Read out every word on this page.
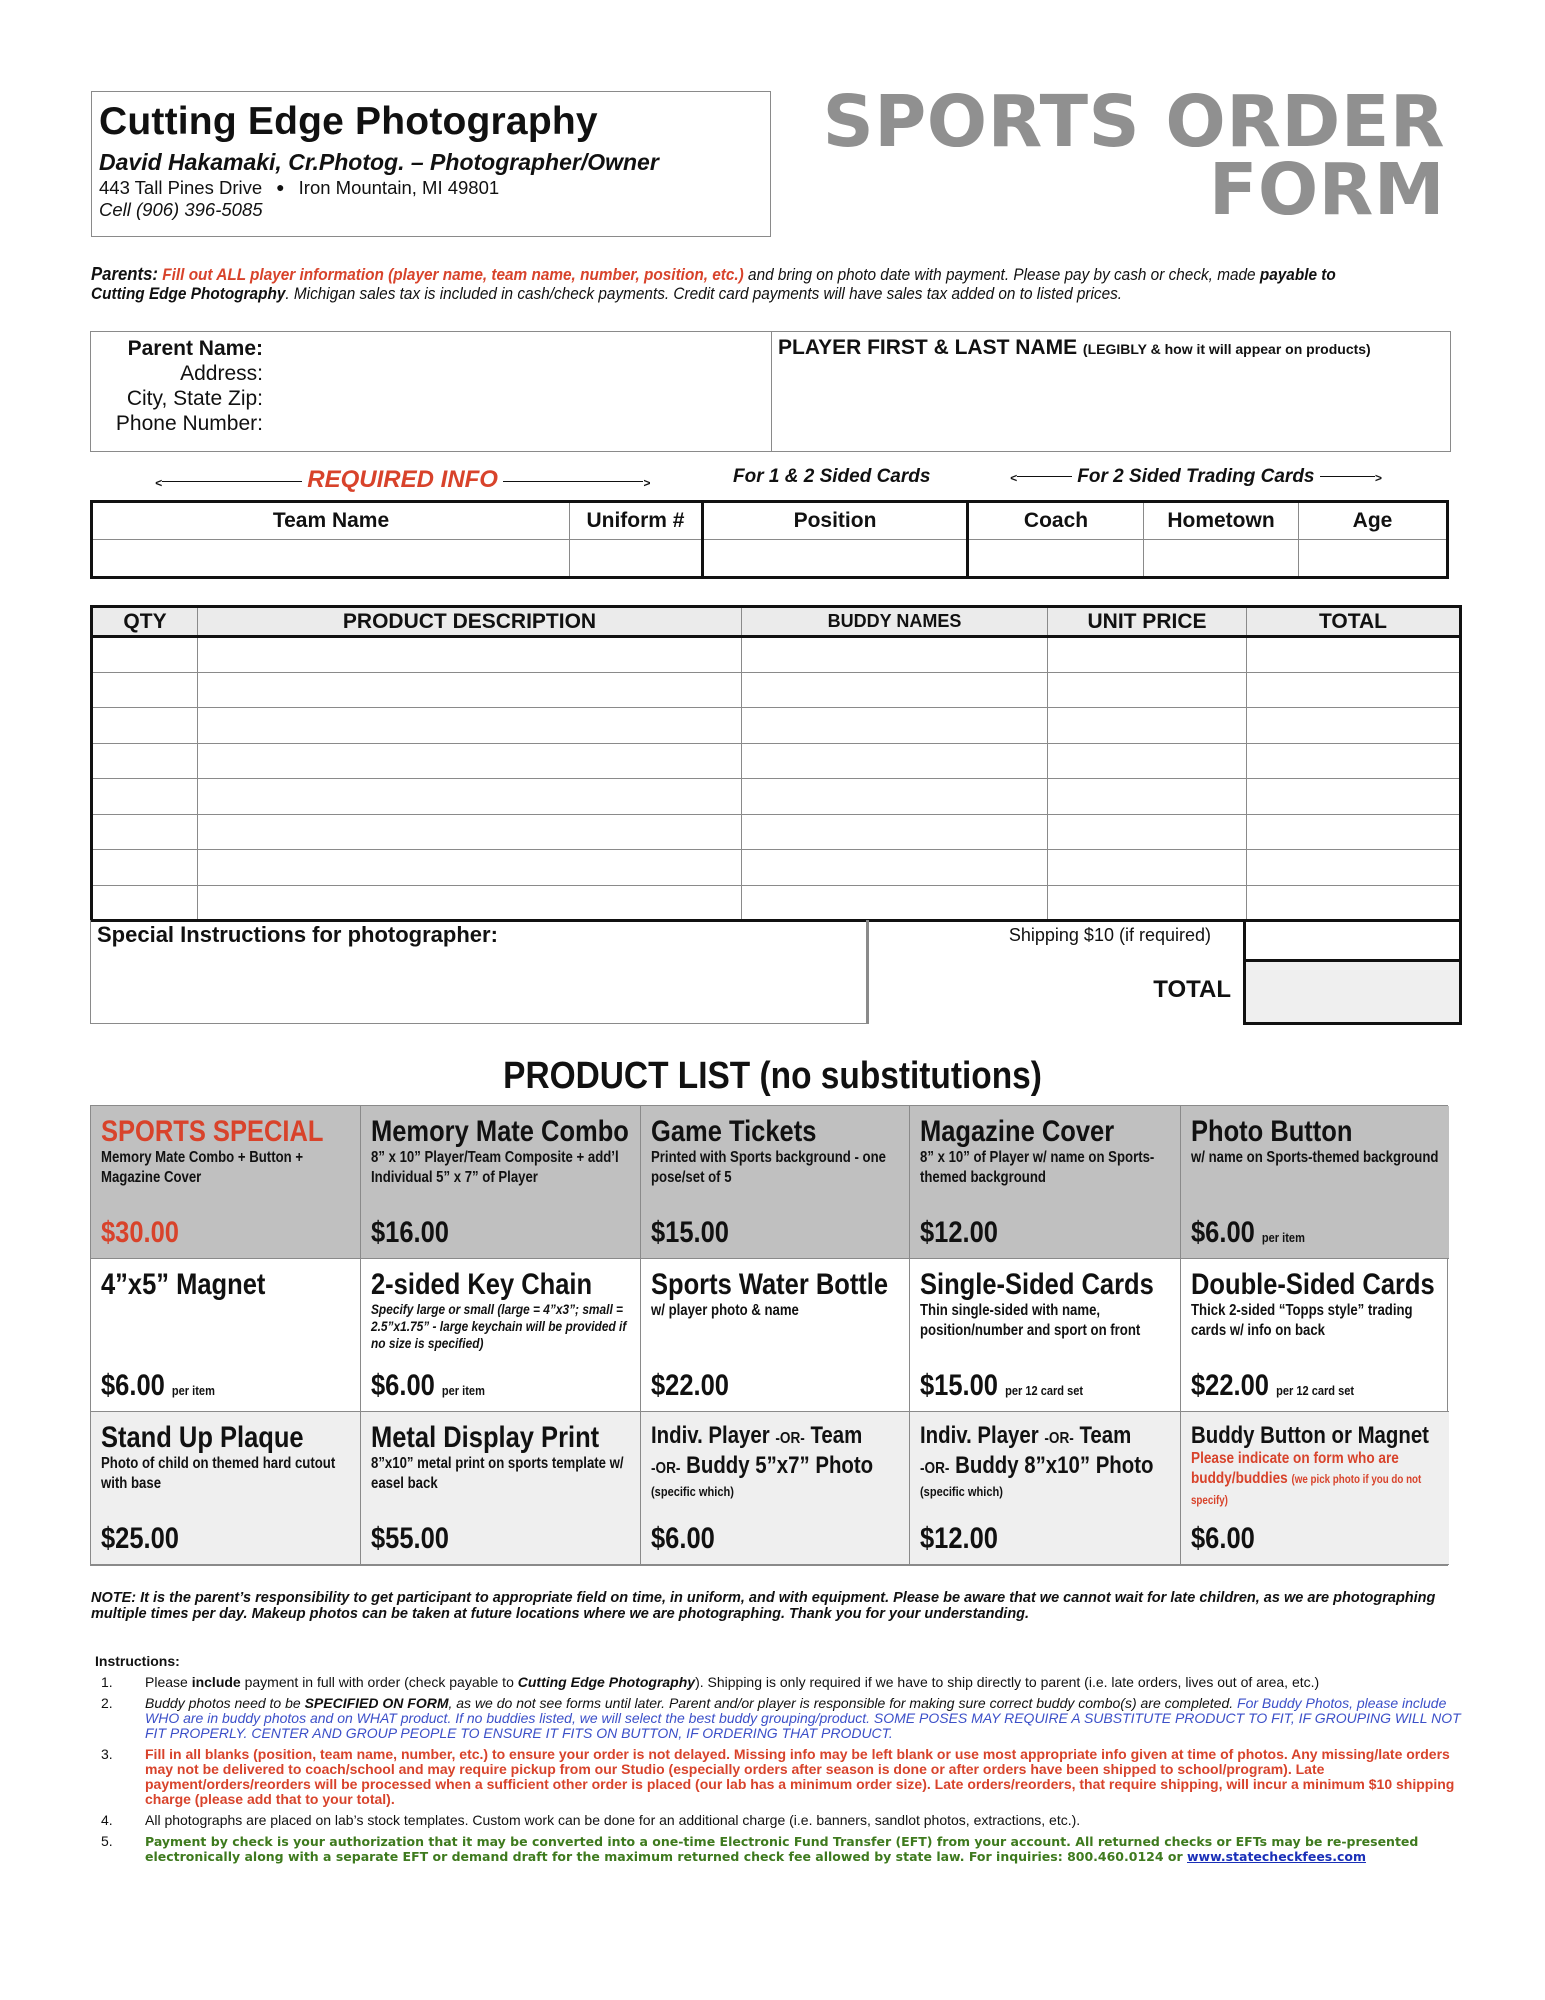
Cutting Edge Photography
David Hakamaki, Cr.Photog. – Photographer/Owner
443 Tall Pines Drive ● Iron Mountain, MI 49801
Cell (906) 396-5085
SPORTS ORDER
FORM
Parents: Fill out ALL player information (player name, team name, number, position, etc.) and bring on photo date with payment. Please pay by cash or check, made payable to Cutting Edge Photography. Michigan sales tax is included in cash/check payments. Credit card payments will have sales tax added on to listed prices.
Parent Name:
Address:
City, State Zip:
Phone Number:
PLAYER FIRST & LAST NAME (LEGIBLY & how it will appear on products)
<	REQUIRED INFO	>	For 1 & 2 Sided Cards	<	For 2 Sided Trading Cards	>
Team Name	Uniform #	Position	Coach	Hometown	Age

QTY	PRODUCT DESCRIPTION	BUDDY NAMES	UNIT PRICE	TOTAL

Special Instructions for photographer:	Shipping $10 (if required)
TOTAL
PRODUCT LIST (no substitutions)
SPORTS SPECIAL
Memory Mate Combo + Button + Magazine Cover
$30.00
Memory Mate Combo
8” x 10” Player/Team Composite + add’l Individual 5” x 7” of Player
$16.00
Game Tickets
Printed with Sports background - one pose/set of 5
$15.00
Magazine Cover
8” x 10” of Player w/ name on Sports-themed background
$12.00
Photo Button
w/ name on Sports-themed background
$6.00 per item
4”x5” Magnet
$6.00 per item
2-sided Key Chain
Specify large or small (large = 4”x3”; small = 2.5”x1.75” - large keychain will be provided if no size is specified)
$6.00 per item
Sports Water Bottle
w/ player photo & name
$22.00
Single-Sided Cards
Thin single-sided with name, position/number and sport on front
$15.00 per 12 card set
Double-Sided Cards
Thick 2-sided “Topps style” trading cards w/ info on back
$22.00 per 12 card set
Stand Up Plaque
Photo of child on themed hard cutout with base
$25.00
Metal Display Print
8”x10” metal print on sports template w/ easel back
$55.00
Indiv. Player -OR- Team
-OR- Buddy 5”x7” Photo
(specific which)
$6.00
Indiv. Player -OR- Team
-OR- Buddy 8”x10” Photo
(specific which)
$12.00
Buddy Button or Magnet
Please indicate on form who are buddy/buddies (we pick photo if you do not specify)
$6.00
NOTE: It is the parent’s responsibility to get participant to appropriate field on time, in uniform, and with equipment. Please be aware that we cannot wait for late children, as we are photographing multiple times per day. Makeup photos can be taken at future locations where we are photographing. Thank you for your understanding.
Instructions:
1.	Please include payment in full with order (check payable to Cutting Edge Photography). Shipping is only required if we have to ship directly to parent (i.e. late orders, lives out of area, etc.)
2.	Buddy photos need to be SPECIFIED ON FORM, as we do not see forms until later. Parent and/or player is responsible for making sure correct buddy combo(s) are completed. For Buddy Photos, please include WHO are in buddy photos and on WHAT product. If no buddies listed, we will select the best buddy grouping/product. SOME POSES MAY REQUIRE A SUBSTITUTE PRODUCT TO FIT, IF GROUPING WILL NOT FIT PROPERLY. CENTER AND GROUP PEOPLE TO ENSURE IT FITS ON BUTTON, IF ORDERING THAT PRODUCT.
3.	Fill in all blanks (position, team name, number, etc.) to ensure your order is not delayed. Missing info may be left blank or use most appropriate info given at time of photos. Any missing/late orders may not be delivered to coach/school and may require pickup from our Studio (especially orders after season is done or after orders have been shipped to school/program). Late payment/orders/reorders will be processed when a sufficient other order is placed (our lab has a minimum order size). Late orders/reorders, that require shipping, will incur a minimum $10 shipping charge (please add that to your total).
4.	All photographs are placed on lab’s stock templates. Custom work can be done for an additional charge (i.e. banners, sandlot photos, extractions, etc.).
5.	Payment by check is your authorization that it may be converted into a one-time Electronic Fund Transfer (EFT) from your account. All returned checks or EFTs may be re-presented electronically along with a separate EFT or demand draft for the maximum returned check fee allowed by state law. For inquiries: 800.460.0124 or www.statecheckfees.com
